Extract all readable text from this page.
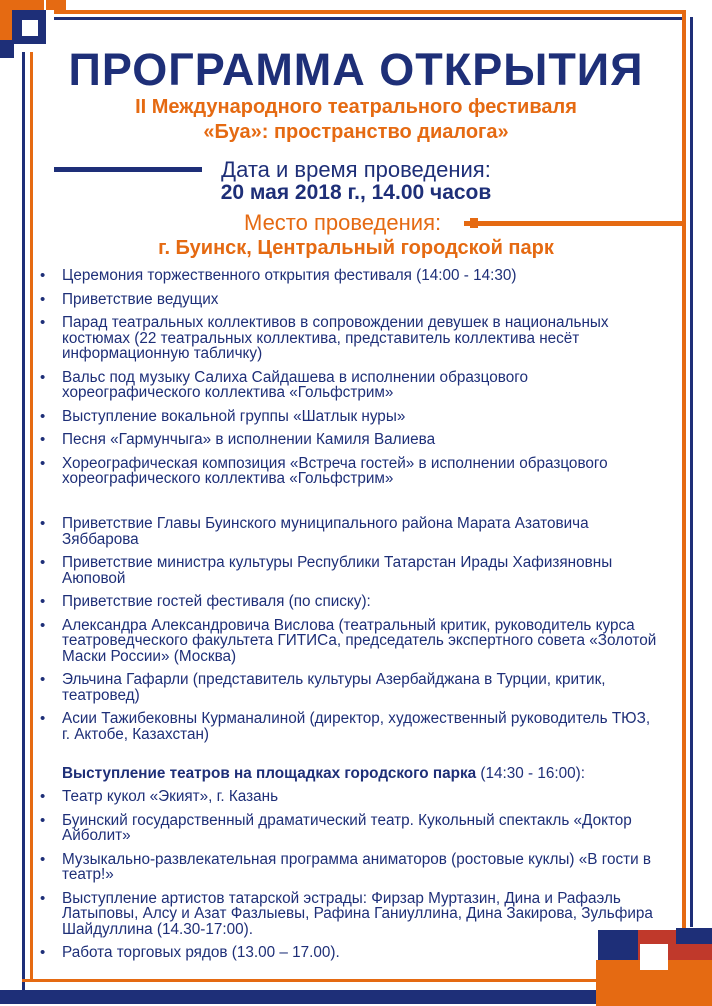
ПРОГРАММА ОТКРЫТИЯ
II Международного театрального фестиваля
«Буа»: пространство диалога»
Дата и время проведения:
20 мая 2018 г., 14.00 часов
Место проведения:
г. Буинск, Центральный городской парк
• Церемония торжественного открытия фестиваля (14:00 - 14:30)
• Приветствие ведущих
• Парад театральных коллективов в сопровождении девушек в национальных костюмах (22 театральных коллектива, представитель коллектива несёт информационную табличку)
• Вальс под музыку Салиха Сайдашева в исполнении образцового хореографического коллектива «Гольфстрим»
• Выступление вокальной группы «Шатлык нуры»
• Песня «Гармунчыга» в исполнении Камиля Валиева
• Хореографическая композиция «Встреча гостей» в исполнении образцового хореографического коллектива «Гольфстрим»
• Приветствие Главы Буинского муниципального района Марата Азатовича Зяббарова
• Приветствие министра культуры Республики Татарстан Ирады Хафизяновны Аюповой
• Приветствие гостей фестиваля (по списку):
• Александра Александровича Вислова (театральный критик, руководитель курса театроведческого факультета ГИТИСа, председатель экспертного совета «Золотой Маски России» (Москва)
• Эльчина Гафарли (представитель культуры Азербайджана в Турции, критик, театровед)
• Асии Тажибековны Курманалиной (директор, художественный руководитель ТЮЗ, г. Актобе, Казахстан)
Выступление театров на площадках городского парка (14:30 - 16:00):
• Театр кукол «Экият», г. Казань
• Буинский государственный драматический театр. Кукольный спектакль «Доктор Айболит»
• Музыкально-развлекательная программа аниматоров (ростовые куклы) «В гости в театр!»
• Выступление артистов татарской эстрады: Фирзар Муртазин, Дина и Рафаэль Латыповы, Алсу и Азат Фазлыевы, Рафина Ганиуллина, Дина Закирова, Зульфира Шайдуллина (14.30-17:00).
• Работа торговых рядов (13.00 – 17.00).
